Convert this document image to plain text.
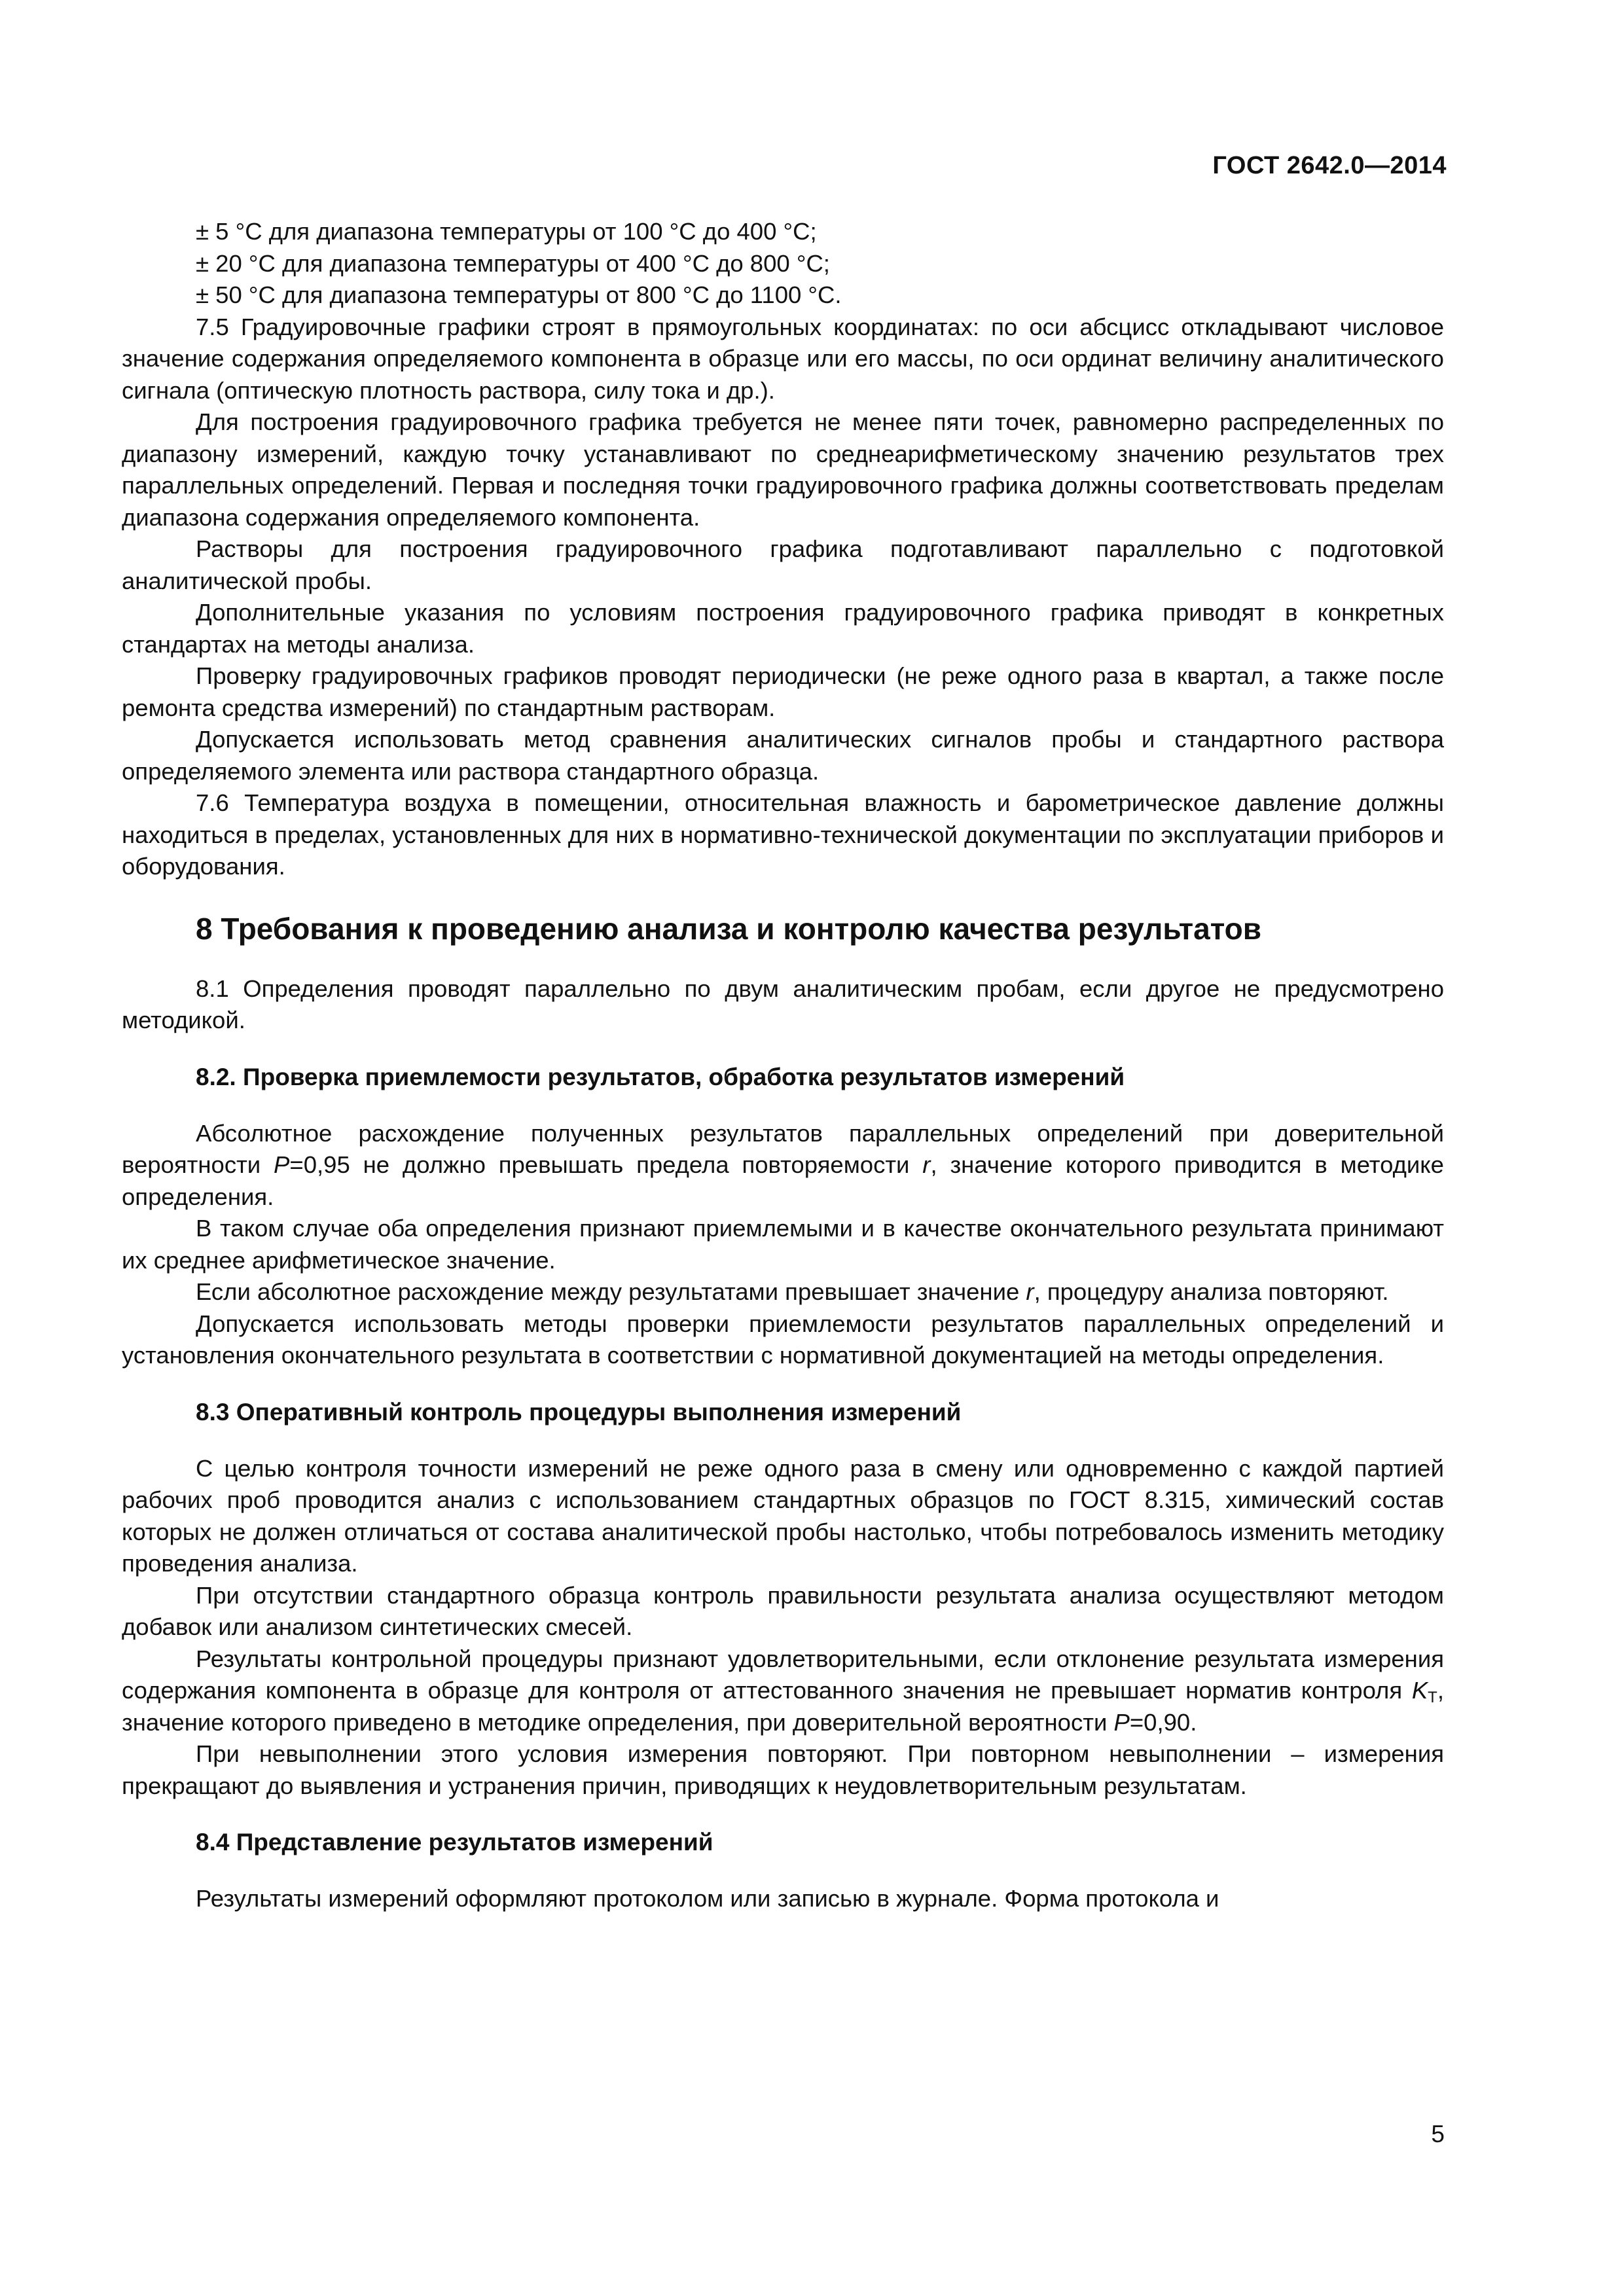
ГОСТ 2642.0—2014

± 5 °С для диапазона температуры от 100 °С до 400 °С;

± 20 °С для диапазона температуры от 400 °С до 800 °С;

± 50 °С для диапазона температуры от 800 °С до 1100 °С.

7.5 Градуировочные графики строят в прямоугольных координатах: по оси абсцисс откладывают числовое значение содержания определяемого компонента в образце или его массы, по оси ординат величину аналитического сигнала (оптическую плотность раствора, силу тока и др.).

Для построения градуировочного графика требуется не менее пяти точек, равномерно распределенных по диапазону измерений, каждую точку устанавливают по среднеарифметическому значению результатов трех параллельных определений. Первая и последняя точки градуировочного графика должны соответствовать пределам диапазона содержания определяемого компонента.

Растворы для построения градуировочного графика подготавливают параллельно с подготовкой аналитической пробы.

Дополнительные указания по условиям построения градуировочного графика приводят в конкретных стандартах на методы анализа.

Проверку градуировочных графиков проводят периодически (не реже одного раза в квартал, а также после ремонта средства измерений) по стандартным растворам.

Допускается использовать метод сравнения аналитических сигналов пробы и стандартного раствора определяемого элемента или раствора стандартного образца.

7.6 Температура воздуха в помещении, относительная влажность и барометрическое давление должны находиться в пределах, установленных для них в нормативно-технической документации по эксплуатации приборов и оборудования.

8 Требования к проведению анализа и контролю качества результатов

8.1 Определения проводят параллельно по двум аналитическим пробам, если другое не предусмотрено методикой.

8.2. Проверка приемлемости результатов, обработка результатов измерений

Абсолютное расхождение полученных результатов параллельных определений при доверительной вероятности P=0,95 не должно превышать предела повторяемости r, значение которого приводится в методике определения.

В таком случае оба определения признают приемлемыми и в качестве окончательного результата принимают их среднее арифметическое значение.

Если абсолютное расхождение между результатами превышает значение r, процедуру анализа повторяют.

Допускается использовать методы проверки приемлемости результатов параллельных определений и установления окончательного результата в соответствии с нормативной документацией на методы определения.

8.3 Оперативный контроль процедуры выполнения измерений

С целью контроля точности измерений не реже одного раза в смену или одновременно с каждой партией рабочих проб проводится анализ с использованием стандартных образцов по ГОСТ 8.315, химический состав которых не должен отличаться от состава аналитической пробы настолько, чтобы потребовалось изменить методику проведения анализа.

При отсутствии стандартного образца контроль правильности результата анализа осуществляют методом добавок или анализом синтетических смесей.

Результаты контрольной процедуры признают удовлетворительными, если отклонение результата измерения содержания компонента в образце для контроля от аттестованного значения не превышает норматив контроля $K_Т$, значение которого приведено в методике определения, при доверительной вероятности P=0,90.

При невыполнении этого условия измерения повторяют. При повторном невыполнении – измерения прекращают до выявления и устранения причин, приводящих к неудовлетворительным результатам.

8.4 Представление результатов измерений

Результаты измерений оформляют протоколом или записью в журнале. Форма протокола и

5
